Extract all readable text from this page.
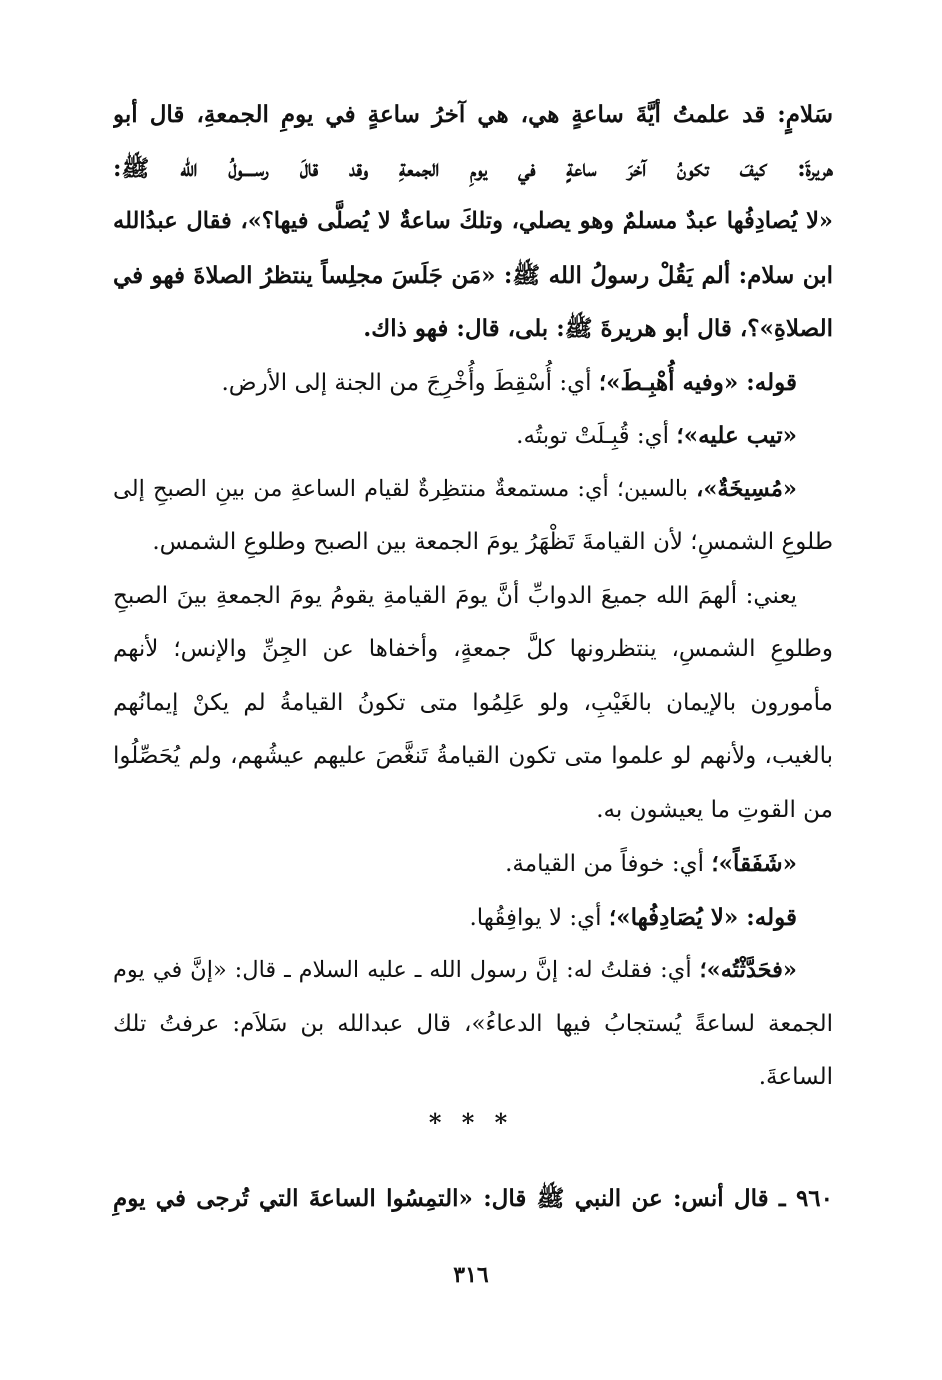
سَلامٍ: قد علمتُ أيَّةَ ساعةٍ هي، هي آخرُ ساعةٍ في يومِ الجمعةِ، قال أبو
هريرةَ: كيفَ تكونُ آخرَ ساعةٍ في يومِ الجمعةِ وقد قالَ رســــولُ الله ﷺ:
«لا يُصادِفُها عبدٌ مسلمٌ وهو يصلي، وتلكَ ساعةٌ لا يُصلَّى فيها؟»، فقال عبدُالله
ابن سلام: ألم يَقُلْ رسولُ الله ﷺ: «مَن جَلَسَ مجلِساً ينتظرُ الصلاةَ فهو في
الصلاةِ»؟، قال أبو هريرةَ ﷺ: بلى، قال: فهو ذاك.
قوله: «وفيه أُهْبِـطَ»؛ أي: أُسْقِطَ وأُخْرِجَ من الجنة إلى الأرض.
«تيب عليه»؛ أي: قُبِـلَتْ توبتُه.
«مُسِيخَةٌ»، بالسين؛ أي: مستمعةٌ منتظِرةٌ لقيام الساعةِ من بينِ الصبحِ إلى
طلوعِ الشمسِ؛ لأن القيامةَ تَظْهَرُ يومَ الجمعة بين الصبح وطلوعِ الشمس.
يعني: ألهمَ الله جميعَ الدوابِّ أنَّ يومَ القيامةِ يقومُ يومَ الجمعةِ بينَ الصبحِ
وطلوعِ الشمسِ، ينتظرونها كلَّ جمعةٍ، وأخفاها عن الجِنِّ والإنس؛ لأنهم
مأمورون بالإيمان بالغَيْبِ، ولو عَلِمُوا متى تكونُ القيامةُ لم يكنْ إيمانُهم
بالغيب، ولأنهم لو علموا متى تكون القيامةُ تَنغَّصَ عليهم عيشُهم، ولم يُحَصِّلُوا
من القوتِ ما يعيشون به.
«شَفَقاً»؛ أي: خوفاً من القيامة.
قوله: «لا يُصَادِفُها»؛ أي: لا يوافِقُها.
«فحَدَّثْتُه»؛ أي: فقلتُ له: إنَّ رسول الله ـ عليه السلام ـ قال: «إنَّ في يوم
الجمعة لساعةً يُستجابُ فيها الدعاءُ»، قال عبدالله بن سَلاَم: عرفتُ تلك
الساعةَ.
* * *
٩٦٠ ـ قال أنس: عن النبي ﷺ قال: «التمِسُوا الساعةَ التي تُرجى في يومِ
٣١٦
